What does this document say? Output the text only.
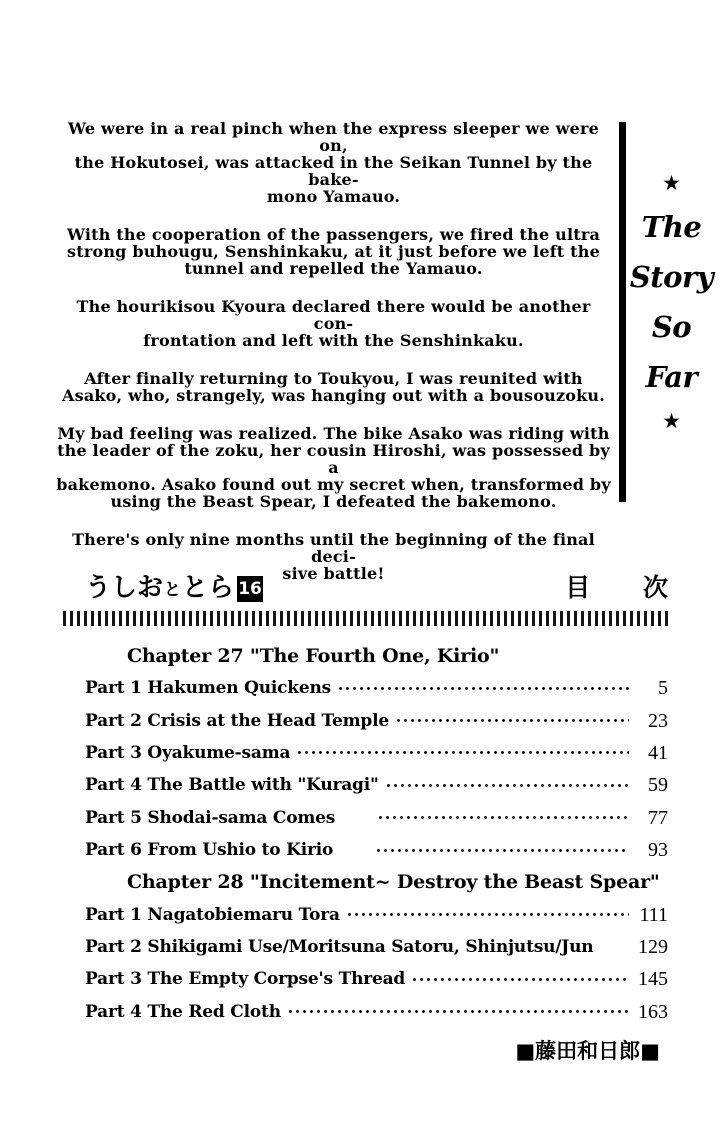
We were in a real pinch when the express sleeper we were on,
the Hokutosei, was attacked in the Seikan Tunnel by the bake-
mono Yamauo.
With the cooperation of the passengers, we fired the ultra
strong buhougu, Senshinkaku, at it just before we left the
tunnel and repelled the Yamauo.
The hourikisou Kyoura declared there would be another con-
frontation and left with the Senshinkaku.
After finally returning to Toukyou, I was reunited with
Asako, who, strangely, was hanging out with a bousouzoku.
My bad feeling was realized. The bike Asako was riding with
the leader of the zoku, her cousin Hiroshi, was possessed by a
bakemono. Asako found out my secret when, transformed by
using the Beast Spear, I defeated the bakemono.
There's only nine months until the beginning of the final deci-
sive battle!
★
The
Story
So
Far
★
うしお と とら 16	目 次
Chapter 27 "The Fourth One, Kirio"
Part 1 Hakumen Quickens	5
Part 2 Crisis at the Head Temple	23
Part 3 Oyakume-sama	41
Part 4 The Battle with "Kuragi"	59
Part 5 Shodai-sama Comes	77
Part 6 From Ushio to Kirio	93
Chapter 28 "Incitement~ Destroy the Beast Spear"
Part 1 Nagatobiemaru Tora	111
Part 2 Shikigami Use/Moritsuna Satoru, Shinjutsu/Jun 129
Part 3 The Empty Corpse's Thread	145
Part 4 The Red Cloth	163
■藤田和日郎■
